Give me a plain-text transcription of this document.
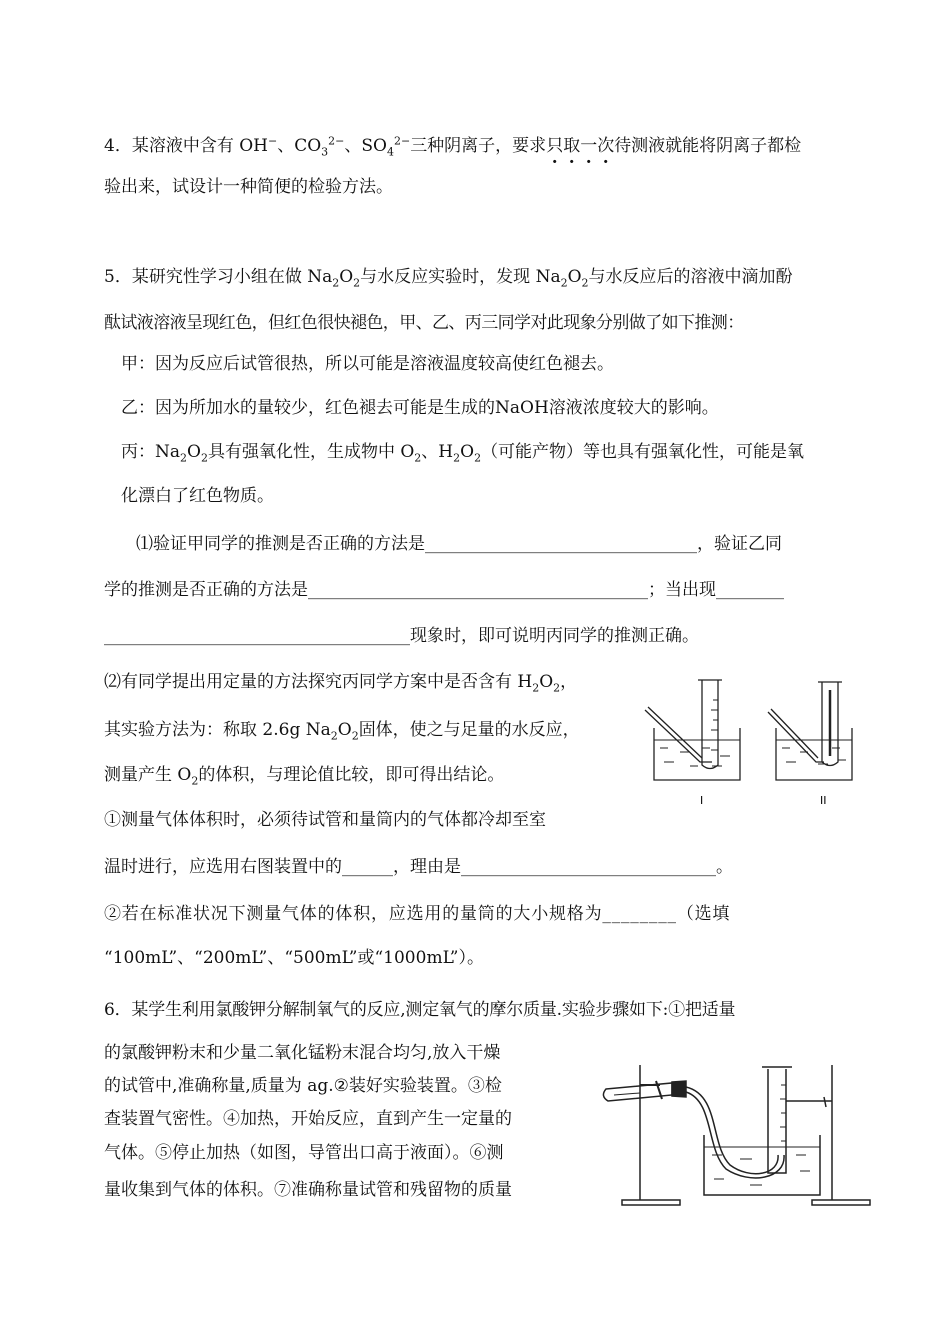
4．某溶液中含有 OH−、$CO_3^{2-}$、$SO_4^{2-}$三种阴离子，要求只取一次待测液就能将阴离子都检
验出来，试设计一种简便的检验方法。
5．某研究性学习小组在做 $Na_2O_2$与水反应实验时，发现 $Na_2O_2$与水反应后的溶液中滴加酚
酞试液溶液呈现红色，但红色很快褪色，甲、乙、丙三同学对此现象分别做了如下推测：
甲：因为反应后试管很热，所以可能是溶液温度较高使红色褪去。
乙：因为所加水的量较少，红色褪去可能是生成的NaOH溶液浓度较大的影响。
丙：$Na_2O_2$具有强氧化性，生成物中 $O_2$、$H_2O_2$（可能产物）等也具有强氧化性，可能是氧
化漂白了红色物质。
⑴验证甲同学的推测是否正确的方法是________________________________，验证乙同
学的推测是否正确的方法是________________________________________；当出现________
____________________________________现象时，即可说明丙同学的推测正确。
⑵有同学提出用定量的方法探究丙同学方案中是否含有 $H_2O_2$，
其实验方法为：称取 2.6g $Na_2O_2$固体，使之与足量的水反应，
测量产生 $O_2$的体积，与理论值比较，即可得出结论。
①测量气体体积时，必须待试管和量筒内的气体都冷却至室
温时进行，应选用右图装置中的______，理由是______________________________。
②若在标准状况下测量气体的体积，应选用的量筒的大小规格为________（选填
“100mL”、“200mL”、“500mL”或“1000mL”）。
I	II
6．某学生利用氯酸钾分解制氧气的反应,测定氧气的摩尔质量.实验步骤如下:①把适量
的氯酸钾粉末和少量二氧化锰粉末混合均匀,放入干燥
的试管中,准确称量,质量为 ag.②装好实验装置。③检
查装置气密性。④加热，开始反应，直到产生一定量的
气体。⑤停止加热（如图，导管出口高于液面）。⑥测
量收集到气体的体积。⑦准确称量试管和残留物的质量
